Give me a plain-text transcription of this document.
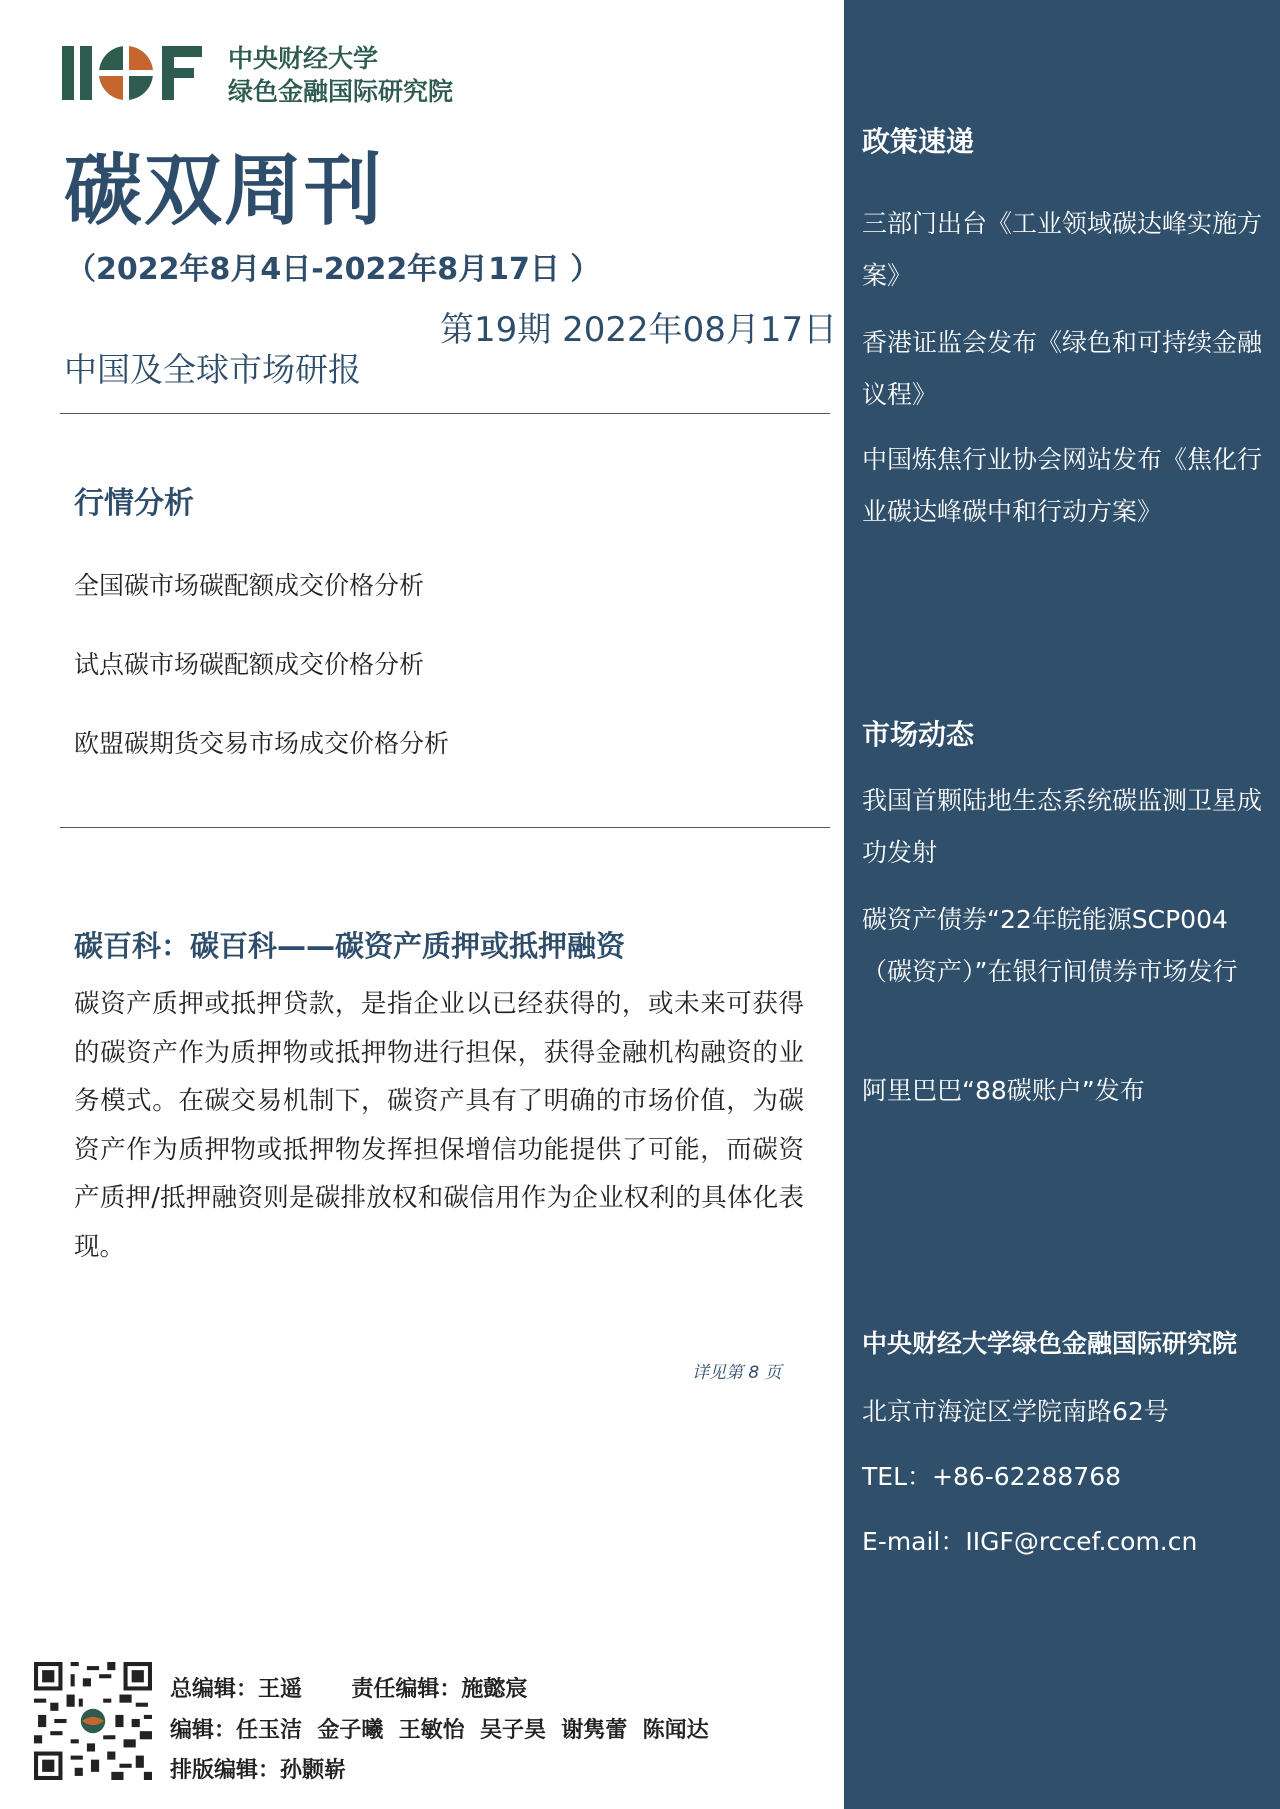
IIGF
中央财经大学
绿色金融国际研究院
碳双周刊
（2022年8月4日-2022年8月17日 ）
第19期 2022年08月17日
中国及全球市场研报
行情分析
全国碳市场碳配额成交价格分析
试点碳市场碳配额成交价格分析
欧盟碳期货交易市场成交价格分析
碳百科：碳百科——碳资产质押或抵押融资
碳资产质押或抵押贷款，是指企业以已经获得的，或未来可获得的碳资产作为质押物或抵押物进行担保，获得金融机构融资的业务模式。在碳交易机制下，碳资产具有了明确的市场价值，为碳资产作为质押物或抵押物发挥担保增信功能提供了可能，而碳资产质押/抵押融资则是碳排放权和碳信用作为企业权利的具体化表现。
详见第 8 页
政策速递
三部门出台《工业领域碳达峰实施方案》
香港证监会发布《绿色和可持续金融议程》
中国炼焦行业协会网站发布《焦化行业碳达峰碳中和行动方案》
市场动态
我国首颗陆地生态系统碳监测卫星成功发射
碳资产债券“22年皖能源SCP004（碳资产）”在银行间债券市场发行
阿里巴巴“88碳账户”发布
中央财经大学绿色金融国际研究院
北京市海淀区学院南路62号
TEL：+86-62288768
E-mail：IIGF@rccef.com.cn
总编辑：王遥 责任编辑：施懿宸
编辑：任玉洁  金子曦  王敏怡  吴子昊  谢隽蕾  陈闻达
排版编辑：孙颢崭
